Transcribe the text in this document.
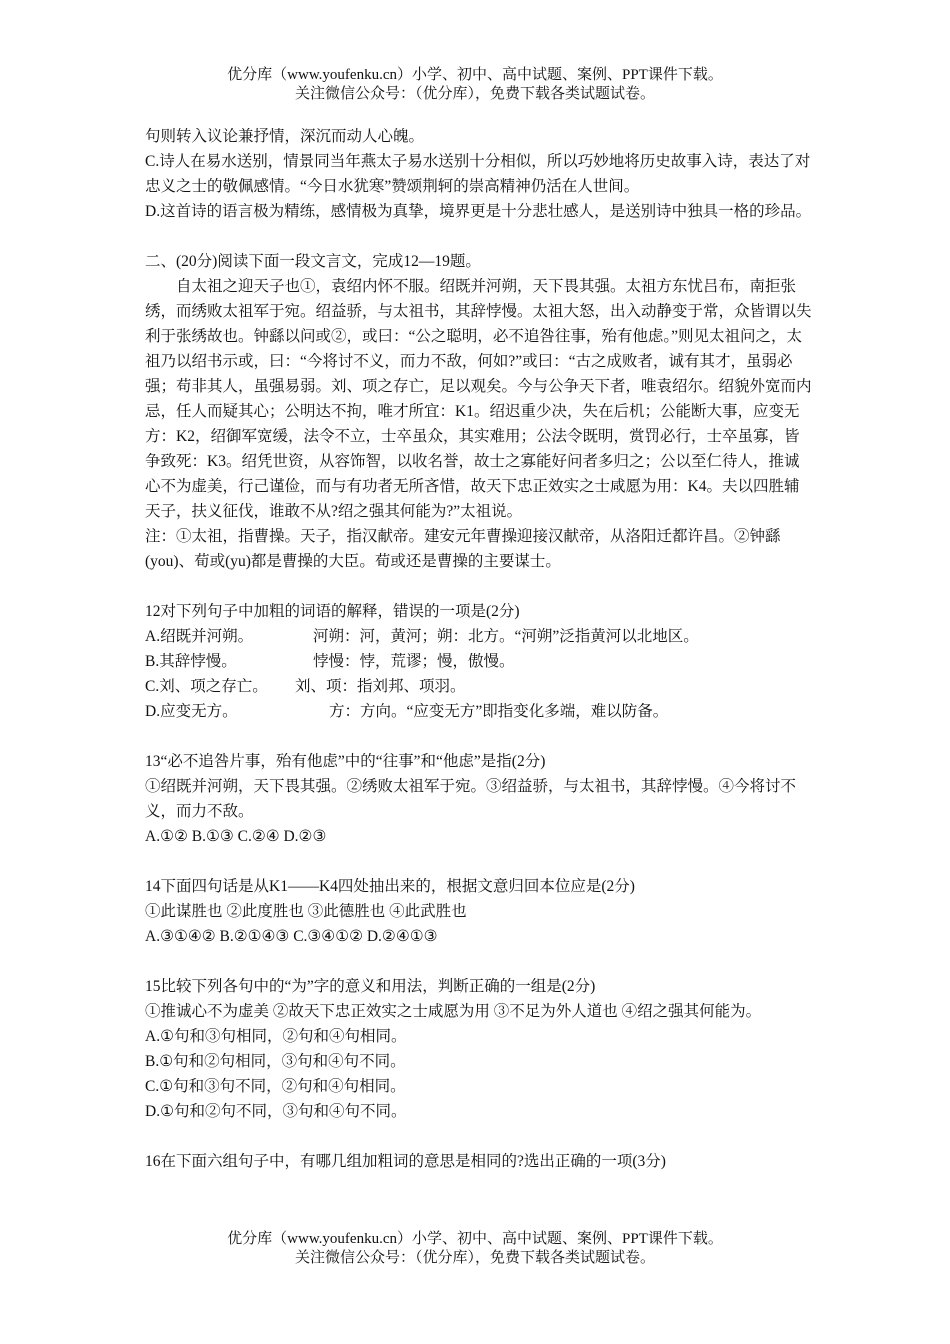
优分库（www.youfenku.cn）小学、初中、高中试题、案例、PPT课件下载。
关注微信公众号：（优分库），免费下载各类试题试卷。

句则转入议论兼抒情，深沉而动人心魄。

C.诗人在易水送别，情景同当年燕太子易水送别十分相似，所以巧妙地将历史故事入诗，表达了对忠义之士的敬佩感情。“今日水犹寒”赞颂荆轲的崇高精神仍活在人世间。

D.这首诗的语言极为精练，感情极为真挚，境界更是十分悲壮感人，是送别诗中独具一格的珍品。

二、(20分)阅读下面一段文言文，完成12—19题。

自太祖之迎天子也①，袁绍内怀不服。绍既并河朔，天下畏其强。太祖方东忧吕布，南拒张绣，而绣败太祖军于宛。绍益骄，与太祖书，其辞悖慢。太祖大怒，出入动静变于常，众皆谓以失利于张绣故也。钟繇以问或②，或曰：“公之聪明，必不追咎往事，殆有他虑。”则见太祖问之，太祖乃以绍书示或，曰：“今将讨不义，而力不敌，何如?”或曰：“古之成败者，诚有其才，虽弱必强；苟非其人，虽强易弱。刘、项之存亡，足以观矣。今与公争天下者，唯袁绍尔。绍貌外宽而内忌，任人而疑其心；公明达不拘，唯才所宜：K1。绍迟重少决，失在后机；公能断大事，应变无方：K2，绍御军宽缓，法令不立，士卒虽众，其实难用；公法令既明，赏罚必行，士卒虽寡，皆争致死：K3。绍凭世资，从容饰智，以收名誉，故士之寡能好问者多归之；公以至仁待人，推诚心不为虚美，行己谨俭，而与有功者无所吝惜，故天下忠正效实之士咸愿为用：K4。夫以四胜辅天子，扶义征伐，谁敢不从?绍之强其何能为?”太祖说。

注：①太祖，指曹操。天子，指汉献帝。建安元年曹操迎接汉献帝，从洛阳迁都许昌。②钟繇(you)、荀或(yu)都是曹操的大臣。荀或还是曹操的主要谋士。

12对下列句子中加粗的词语的解释，错误的一项是(2分)

A.绍既并河朔。	河朔：河，黄河；朔：北方。“河朔”泛指黄河以北地区。

B.其辞悖慢。	悖慢：悖，荒谬；慢，傲慢。

C.刘、项之存亡。 刘、项：指刘邦、项羽。

D.应变无方。	方：方向。“应变无方”即指变化多端，难以防备。

13“必不追咎片事，殆有他虑”中的“往事”和“他虑”是指(2分)

①绍既并河朔，天下畏其强。②绣败太祖军于宛。③绍益骄，与太祖书，其辞悖慢。④今将讨不义，而力不敌。

A.①② B.①③ C.②④ D.②③

14下面四句话是从K1——K4四处抽出来的，根据文意归回本位应是(2分)

①此谋胜也 ②此度胜也 ③此德胜也 ④此武胜也

A.③①④② B.②①④③ C.③④①② D.②④①③

15比较下列各句中的“为”字的意义和用法，判断正确的一组是(2分)

①推诚心不为虚美 ②故天下忠正效实之士咸愿为用 ③不足为外人道也 ④绍之强其何能为。

A.①句和③句相同，②句和④句相同。

B.①句和②句相同，③句和④句不同。

C.①句和③句不同，②句和④句相同。

D.①句和②句不同，③句和④句不同。

16在下面六组句子中，有哪几组加粗词的意思是相同的?选出正确的一项(3分)

优分库（www.youfenku.cn）小学、初中、高中试题、案例、PPT课件下载。
关注微信公众号：（优分库），免费下载各类试题试卷。
